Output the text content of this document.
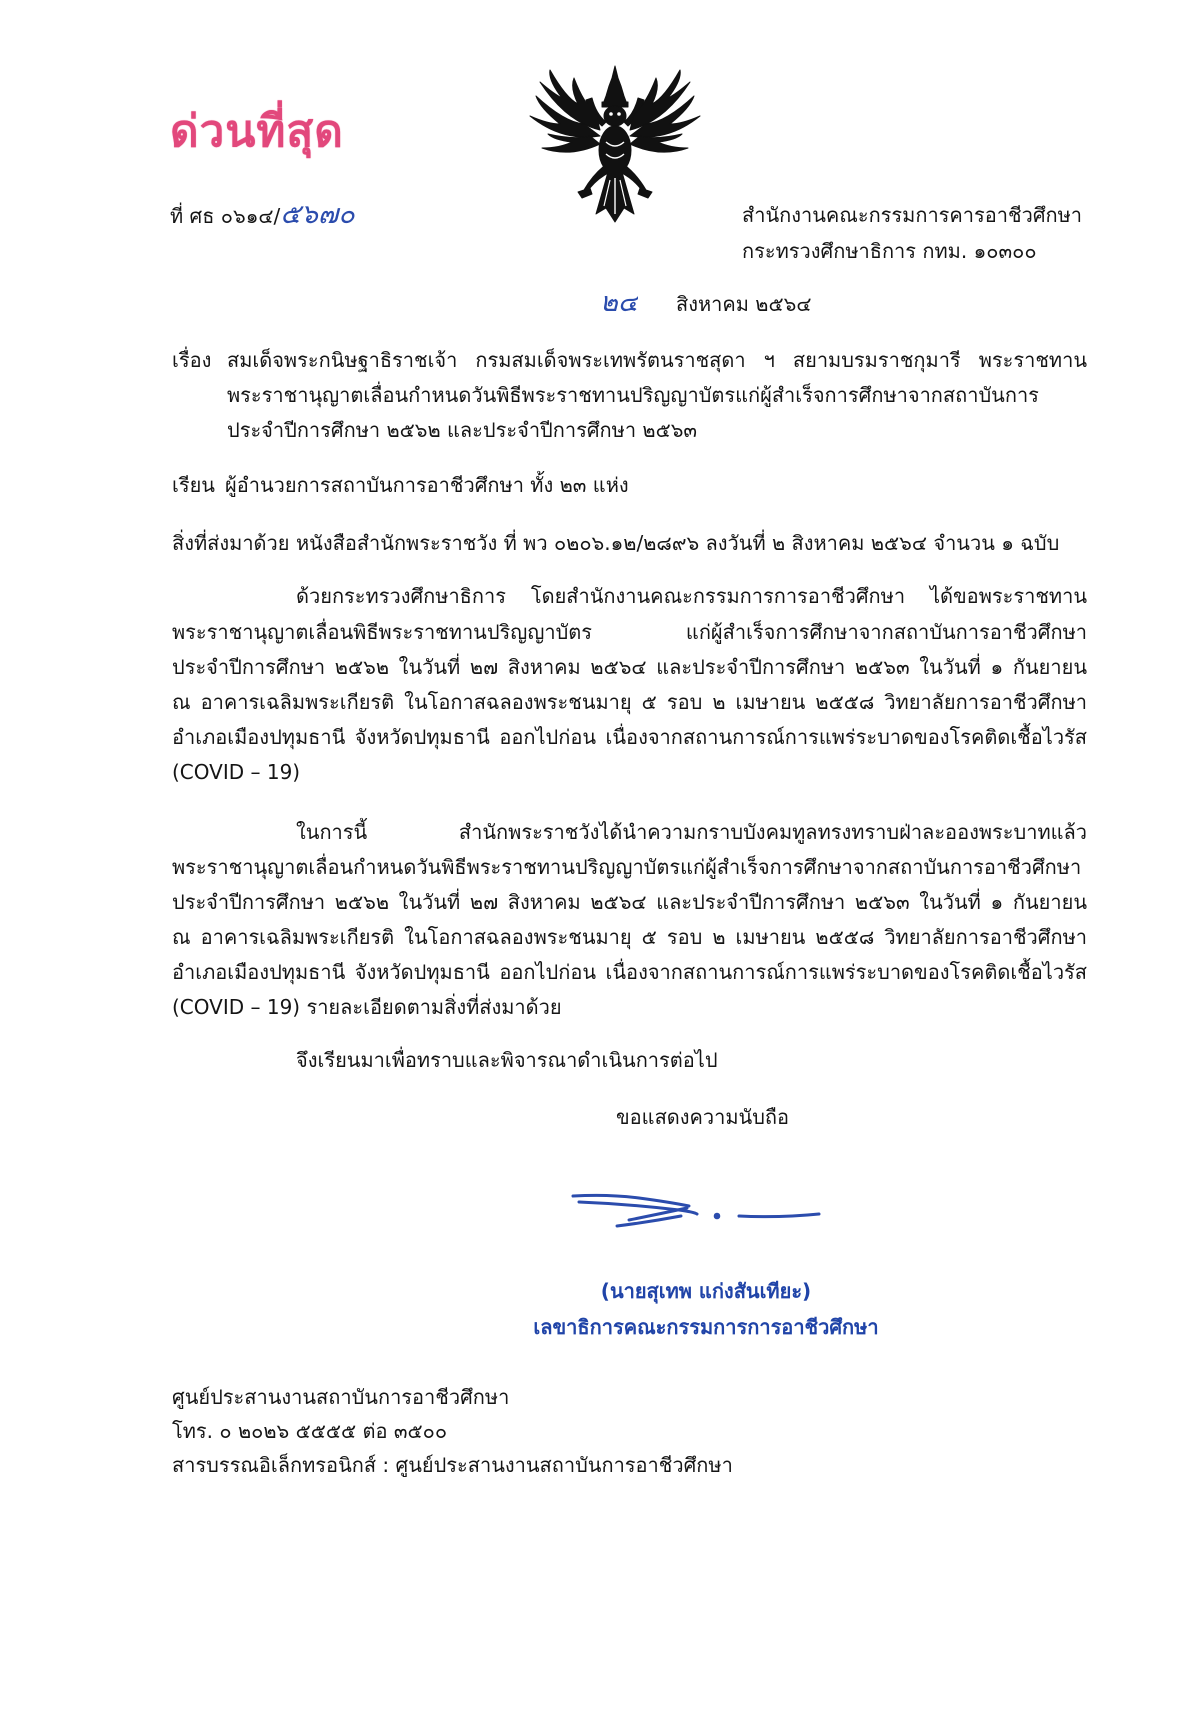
ด่วนที่สุด
ที่ ศธ ๐๖๑๔/๕๖๗๐	สำนักงานคณะกรรมการคารอาชีวศึกษา
กระทรวงศึกษาธิการ กทม. ๑๐๓๐๐
๒๔ สิงหาคม ๒๕๖๔
เรื่อง สมเด็จพระกนิษฐาธิราชเจ้า กรมสมเด็จพระเทพรัตนราชสุดา ฯ สยามบรมราชกุมารี พระราชทาน
พระราชานุญาตเลื่อนกำหนดวันพิธีพระราชทานปริญญาบัตรแก่ผู้สำเร็จการศึกษาจากสถาบันการ
ประจำปีการศึกษา ๒๕๖๒ และประจำปีการศึกษา ๒๕๖๓
เรียน ผู้อำนวยการสถาบันการอาชีวศึกษา ทั้ง ๒๓ แห่ง
สิ่งที่ส่งมาด้วย หนังสือสำนักพระราชวัง ที่ พว ๐๒๐๖.๑๒/๒๘๙๖ ลงวันที่ ๒ สิงหาคม ๒๕๖๔ จำนวน ๑ ฉบับ
ด้วยกระทรวงศึกษาธิการ โดยสำนักงานคณะกรรมการการอาชีวศึกษา ได้ขอพระราชทาน
พระราชานุญาตเลื่อนพิธีพระราชทานปริญญาบัตร แก่ผู้สำเร็จการศึกษาจากสถาบันการอาชีวศึกษา
ประจำปีการศึกษา ๒๕๖๒ ในวันที่ ๒๗ สิงหาคม ๒๕๖๔ และประจำปีการศึกษา ๒๕๖๓ ในวันที่ ๑ กันยายน
ณ อาคารเฉลิมพระเกียรติ ในโอกาสฉลองพระชนมายุ ๕ รอบ ๒ เมษายน ๒๕๕๘ วิทยาลัยการอาชีวศึกษา
อำเภอเมืองปทุมธานี จังหวัดปทุมธานี ออกไปก่อน เนื่องจากสถานการณ์การแพร่ระบาดของโรคติดเชื้อไวรัส
(COVID – 19)
ในการนี้ สำนักพระราชวังได้นำความกราบบังคมทูลทรงทราบฝ่าละอองพระบาทแล้ว
พระราชานุญาตเลื่อนกำหนดวันพิธีพระราชทานปริญญาบัตรแก่ผู้สำเร็จการศึกษาจากสถาบันการอาชีวศึกษา
ประจำปีการศึกษา ๒๕๖๒ ในวันที่ ๒๗ สิงหาคม ๒๕๖๔ และประจำปีการศึกษา ๒๕๖๓ ในวันที่ ๑ กันยายน
ณ อาคารเฉลิมพระเกียรติ ในโอกาสฉลองพระชนมายุ ๕ รอบ ๒ เมษายน ๒๕๕๘ วิทยาลัยการอาชีวศึกษา
อำเภอเมืองปทุมธานี จังหวัดปทุมธานี ออกไปก่อน เนื่องจากสถานการณ์การแพร่ระบาดของโรคติดเชื้อไวรัส
(COVID – 19) รายละเอียดตามสิ่งที่ส่งมาด้วย
จึงเรียนมาเพื่อทราบและพิจารณาดำเนินการต่อไป
ขอแสดงความนับถือ
(นายสุเทพ แก่งสันเทียะ)
เลขาธิการคณะกรรมการการอาชีวศึกษา
ศูนย์ประสานงานสถาบันการอาชีวศึกษา
โทร. ๐ ๒๐๒๖ ๕๕๕๕ ต่อ ๓๕๐๐
สารบรรณอิเล็กทรอนิกส์ : ศูนย์ประสานงานสถาบันการอาชีวศึกษา
